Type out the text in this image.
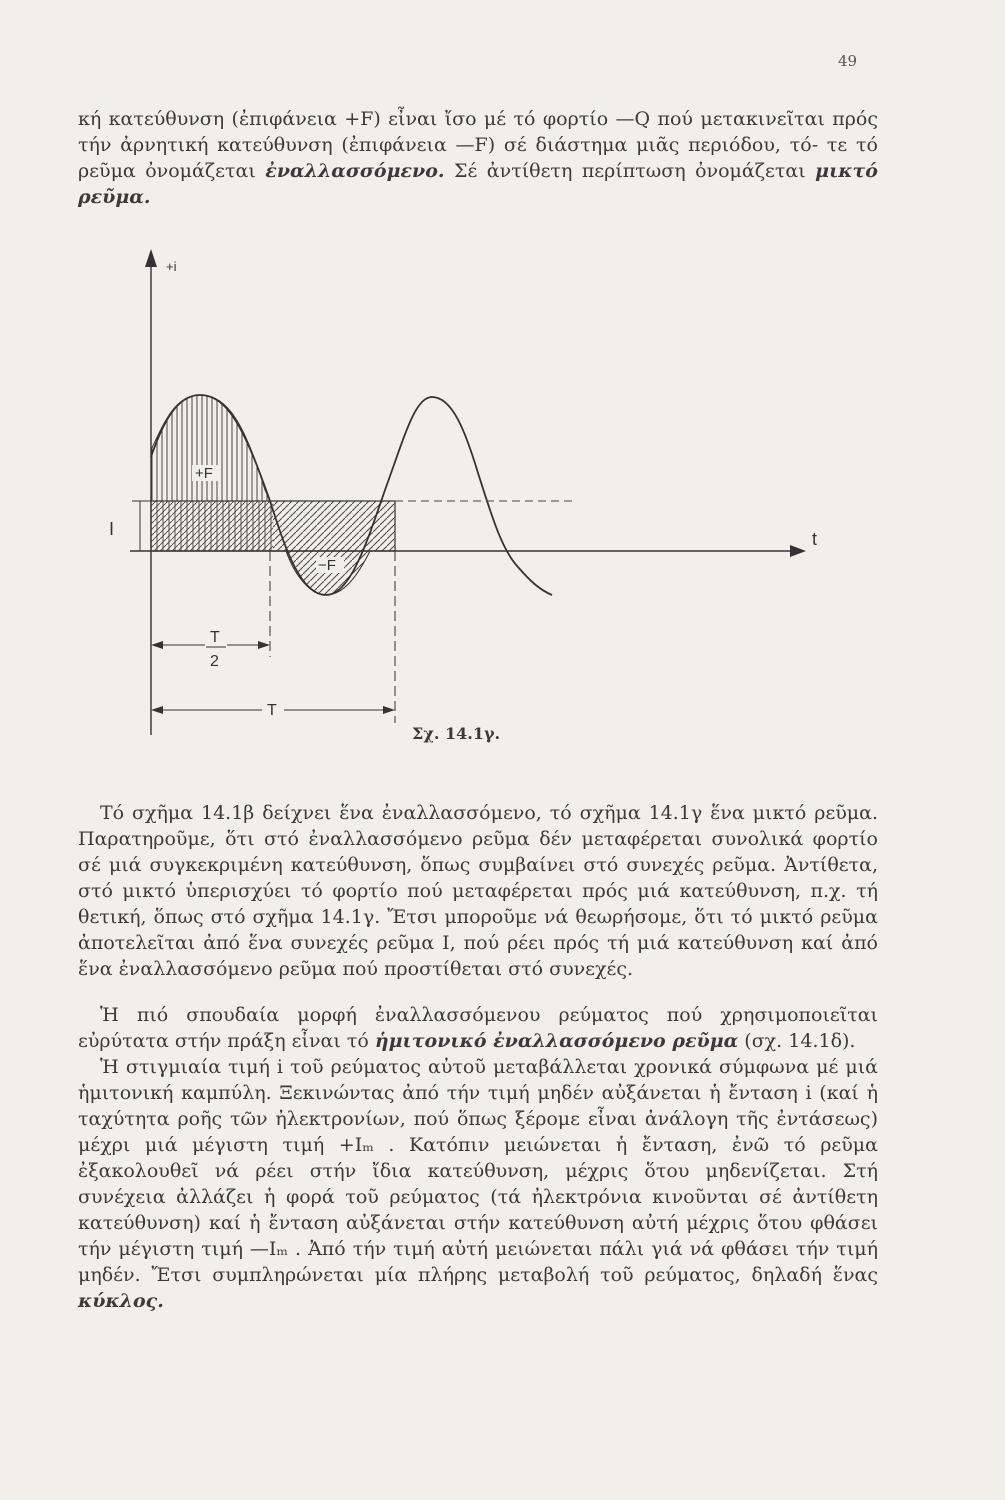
49

κή κατεύθυνση (ἐπιφάνεια +F) εἶναι ἴσο μέ τό φορτίο —Q πού μετακινεῖται πρός τήν ἀρνητική κατεύθυνση (ἐπιφάνεια —F) σέ διάστημα μιᾶς περιόδου, τό- τε τό ρεῦμα ὀνομάζεται ἐναλλασσόμενο. Σέ ἀντίθετη περίπτωση ὀνομάζεται μικτό ρεῦμα.

+F
−F
+i
t
I
T
2
T

Σχ. 14.1γ.

Τό σχῆμα 14.1β δείχνει ἕνα ἐναλλασσόμενο, τό σχῆμα 14.1γ ἕνα μικτό ρεῦμα. Παρατηροῦμε, ὅτι στό ἐναλλασσόμενο ρεῦμα δέν μεταφέρεται συνολικά φορτίο σέ μιά συγκεκριμένη κατεύθυνση, ὅπως συμβαίνει στό συνεχές ρεῦμα. Ἀντίθετα, στό μικτό ὑπερισχύει τό φορτίο πού μεταφέρεται πρός μιά κατεύθυνση, π.χ. τή θετική, ὅπως στό σχῆμα 14.1γ. Ἔτσι μποροῦμε νά θεωρήσομε, ὅτι τό μικτό ρεῦμα ἀποτελεῖται ἀπό ἕνα συνεχές ρεῦμα I, πού ρέει πρός τή μιά κατεύθυνση καί ἀπό ἕνα ἐναλλασσόμενο ρεῦμα πού προστίθεται στό συνεχές.

Ἡ πιό σπουδαία μορφή ἐναλλασσόμενου ρεύματος πού χρησιμοποιεῖται εὐρύτατα στήν πράξη εἶναι τό ἡμιτονικό ἐναλλασσόμενο ρεῦμα (σχ. 14.1δ).

Ἡ στιγμιαία τιμή i τοῦ ρεύματος αὐτοῦ μεταβάλλεται χρονικά σύμφωνα μέ μιά ἡμιτονική καμπύλη. Ξεκινώντας ἀπό τήν τιμή μηδέν αὐξάνεται ἡ ἔνταση i (καί ἡ ταχύτητα ροῆς τῶν ἠλεκτρονίων, πού ὅπως ξέρομε εἶναι ἀνάλογη τῆς ἐντάσεως) μέχρι μιά μέγιστη τιμή +Iₘ . Κατόπιν μειώνεται ἡ ἔνταση, ἐνῶ τό ρεῦμα ἐξακολουθεῖ νά ρέει στήν ἴδια κατεύθυνση, μέχρις ὅτου μηδενίζεται. Στή συνέχεια ἀλλάζει ἡ φορά τοῦ ρεύματος (τά ἠλεκτρόνια κινοῦνται σέ ἀντίθετη κατεύθυνση) καί ἡ ἔνταση αὐξάνεται στήν κατεύθυνση αὐτή μέχρις ὅτου φθάσει τήν μέγιστη τιμή —Iₘ . Ἀπό τήν τιμή αὐτή μειώνεται πάλι γιά νά φθάσει τήν τιμή μηδέν. Ἔτσι συμπληρώνεται μία πλήρης μεταβολή τοῦ ρεύματος, δηλαδή ἕνας κύκλος.
